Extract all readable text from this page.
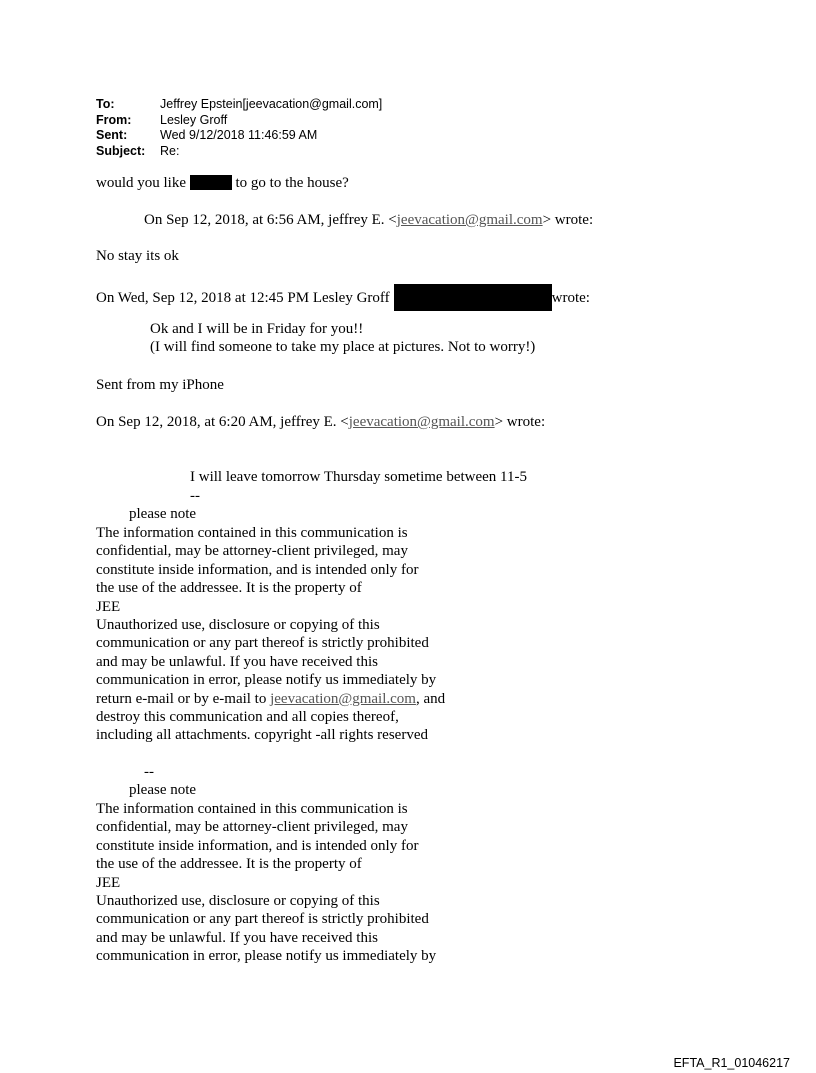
To:	Jeffrey Epstein[jeevacation@gmail.com]
From:	Lesley Groff
Sent:	Wed 9/12/2018 11:46:59 AM
Subject:	Re:
would you like	to go to the house?
On Sep 12, 2018, at 6:56 AM, jeffrey E. <jeevacation@gmail.com> wrote:
No stay its ok
On Wed, Sep 12, 2018 at 12:45 PM Lesley Groff	wrote:
Ok and I will be in Friday for you!!
(I will find someone to take my place at pictures. Not to worry!)
Sent from my iPhone
On Sep 12, 2018, at 6:20 AM, jeffrey E. <jeevacation@gmail.com> wrote:
I will leave tomorrow Thursday sometime between 11-5
--
please note
The information contained in this communication is
confidential, may be attorney-client privileged, may
constitute inside information, and is intended only for
the use of the addressee. It is the property of
JEE
Unauthorized use, disclosure or copying of this
communication or any part thereof is strictly prohibited
and may be unlawful. If you have received this
communication in error, please notify us immediately by
return e-mail or by e-mail to jeevacation@gmail.com, and
destroy this communication and all copies thereof,
including all attachments. copyright -all rights reserved
--
please note
The information contained in this communication is
confidential, may be attorney-client privileged, may
constitute inside information, and is intended only for
the use of the addressee. It is the property of
JEE
Unauthorized use, disclosure or copying of this
communication or any part thereof is strictly prohibited
and may be unlawful. If you have received this
communication in error, please notify us immediately by
EFTA_R1_01046217
